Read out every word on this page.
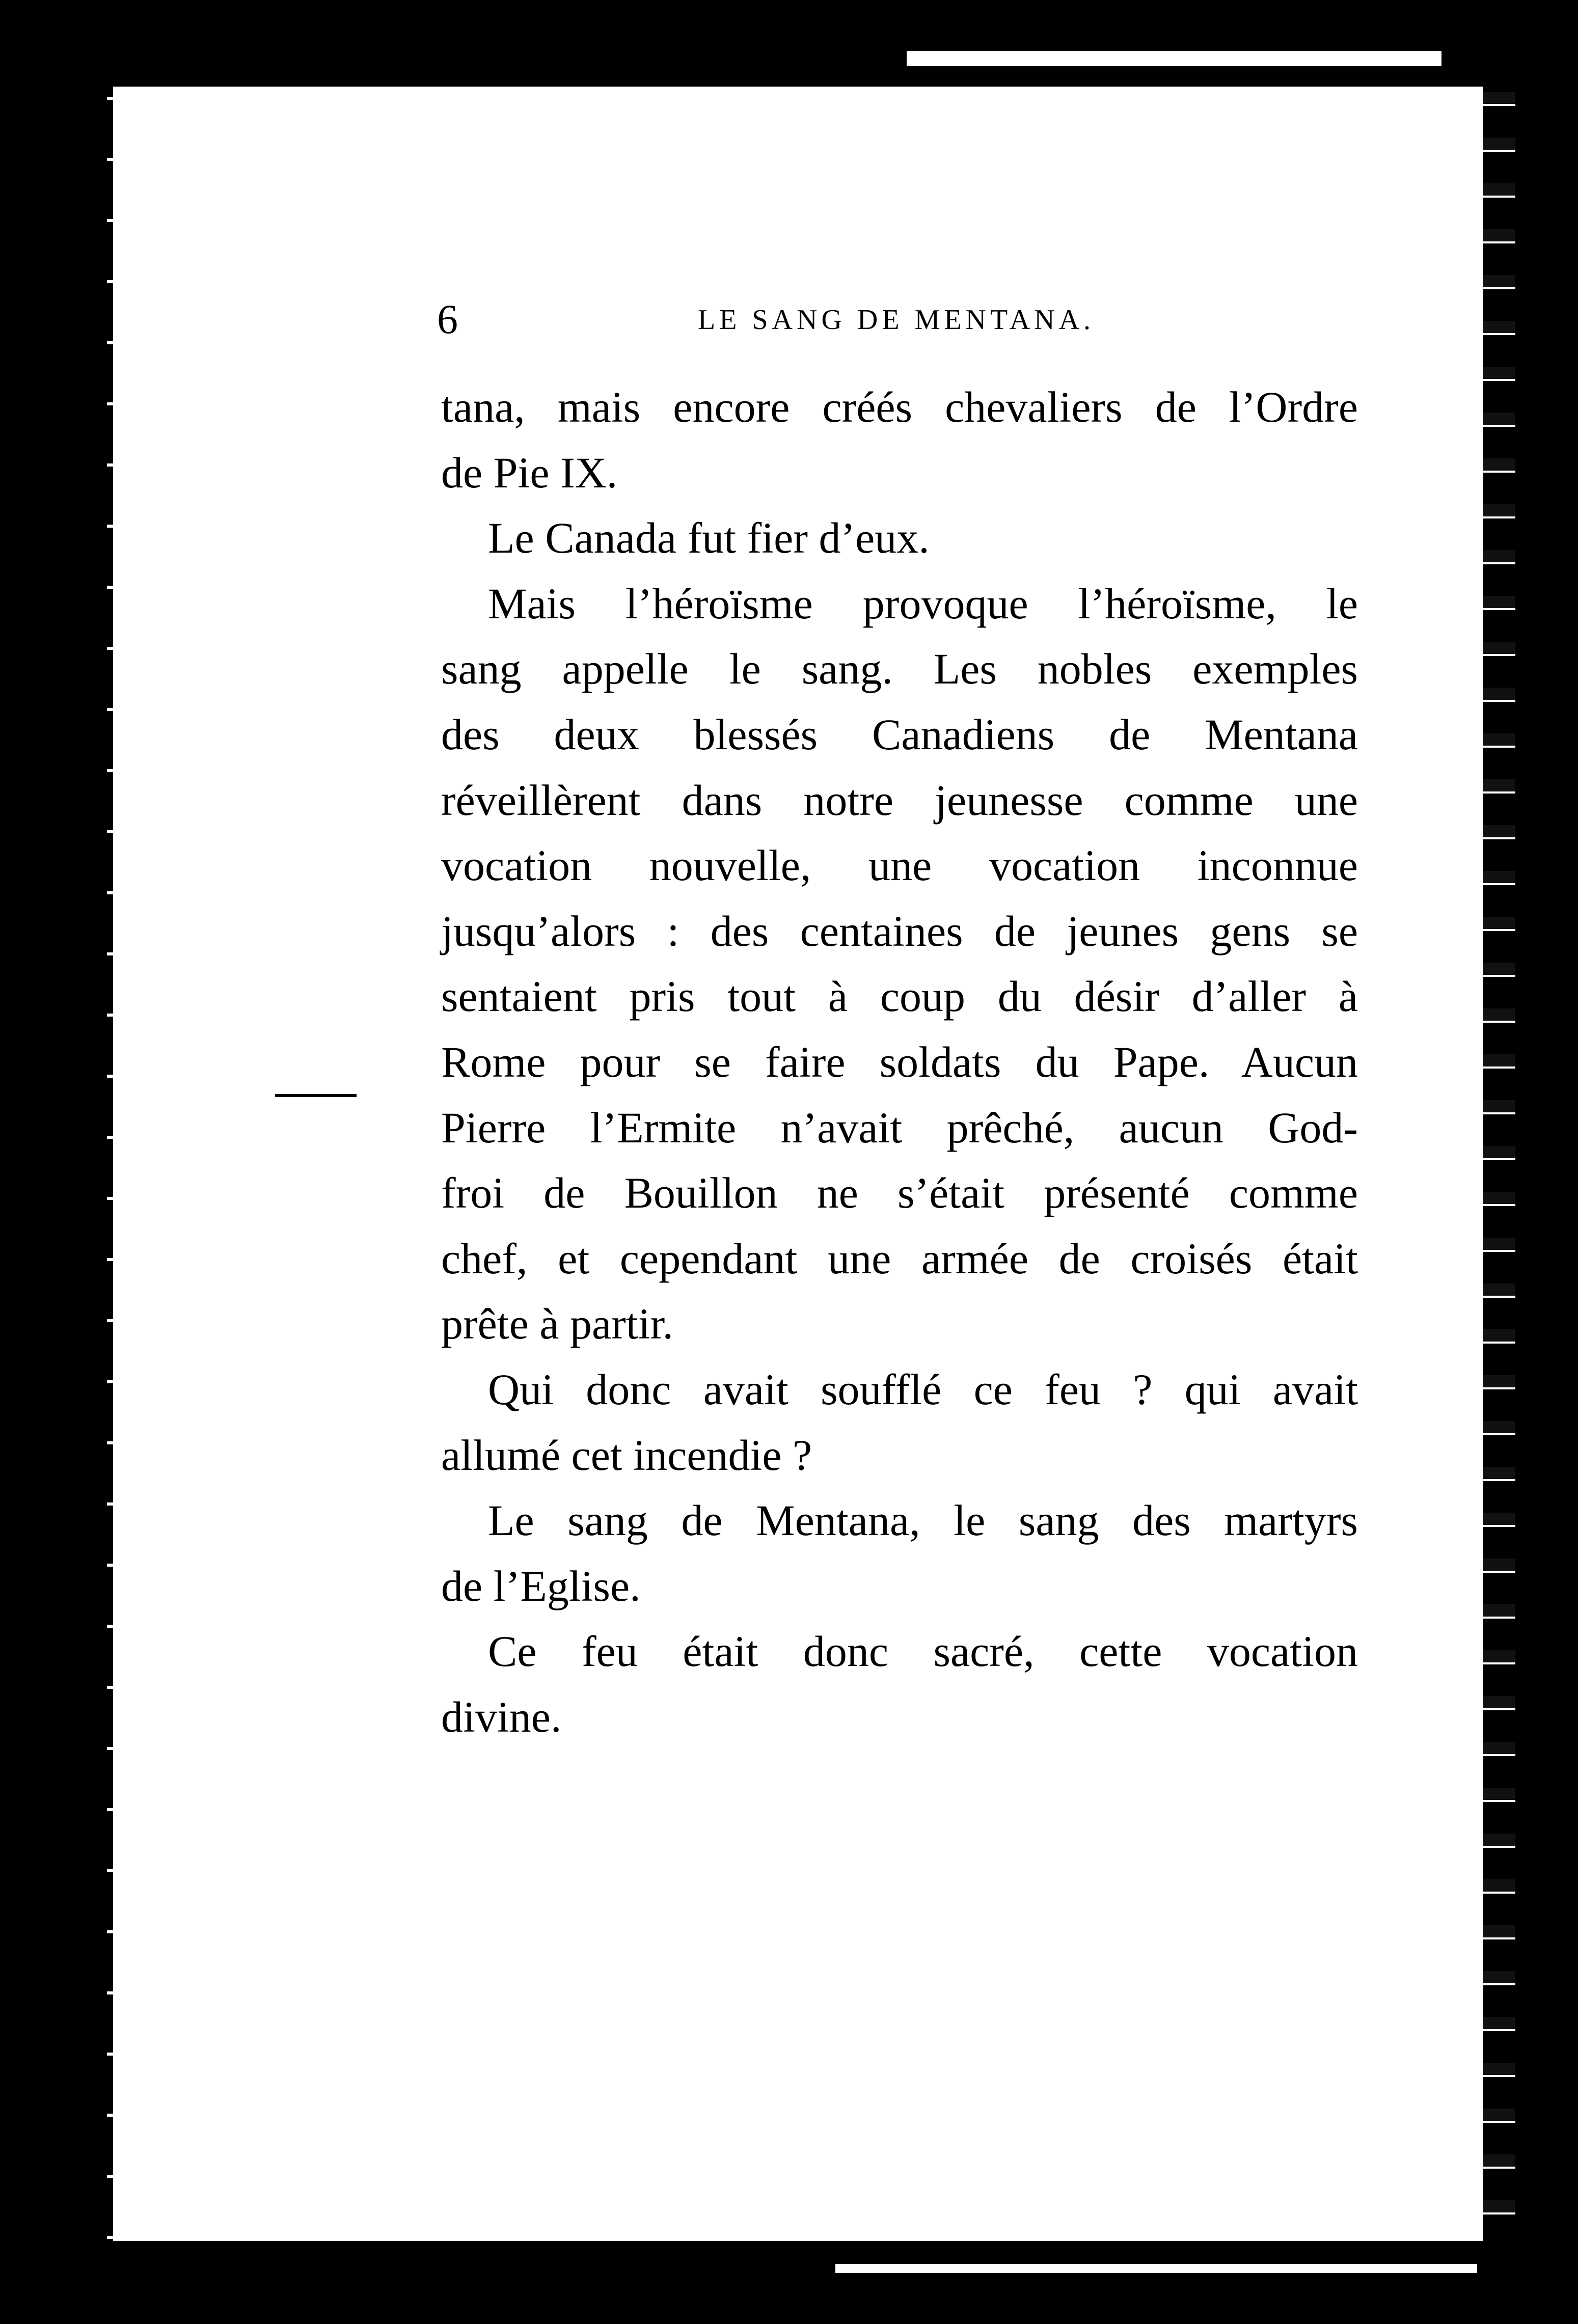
6	LE SANG DE MENTANA.
tana, mais encore créés chevaliers de l’Ordre
de Pie IX.
Le Canada fut fier d’eux.
Mais l’héroïsme provoque l’héroïsme, le
sang appelle le sang. Les nobles exemples
des deux blessés Canadiens de Mentana
réveillèrent dans notre jeunesse comme une
vocation nouvelle, une vocation inconnue
jusqu’alors : des centaines de jeunes gens se
sentaient pris tout à coup du désir d’aller à
Rome pour se faire soldats du Pape. Aucun
Pierre l’Ermite n’avait prêché, aucun God-
froi de Bouillon ne s’était présenté comme
chef, et cependant une armée de croisés était
prête à partir.
Qui donc avait soufflé ce feu ? qui avait
allumé cet incendie ?
Le sang de Mentana, le sang des martyrs
de l’Eglise.
Ce feu était donc sacré, cette vocation
divine.
